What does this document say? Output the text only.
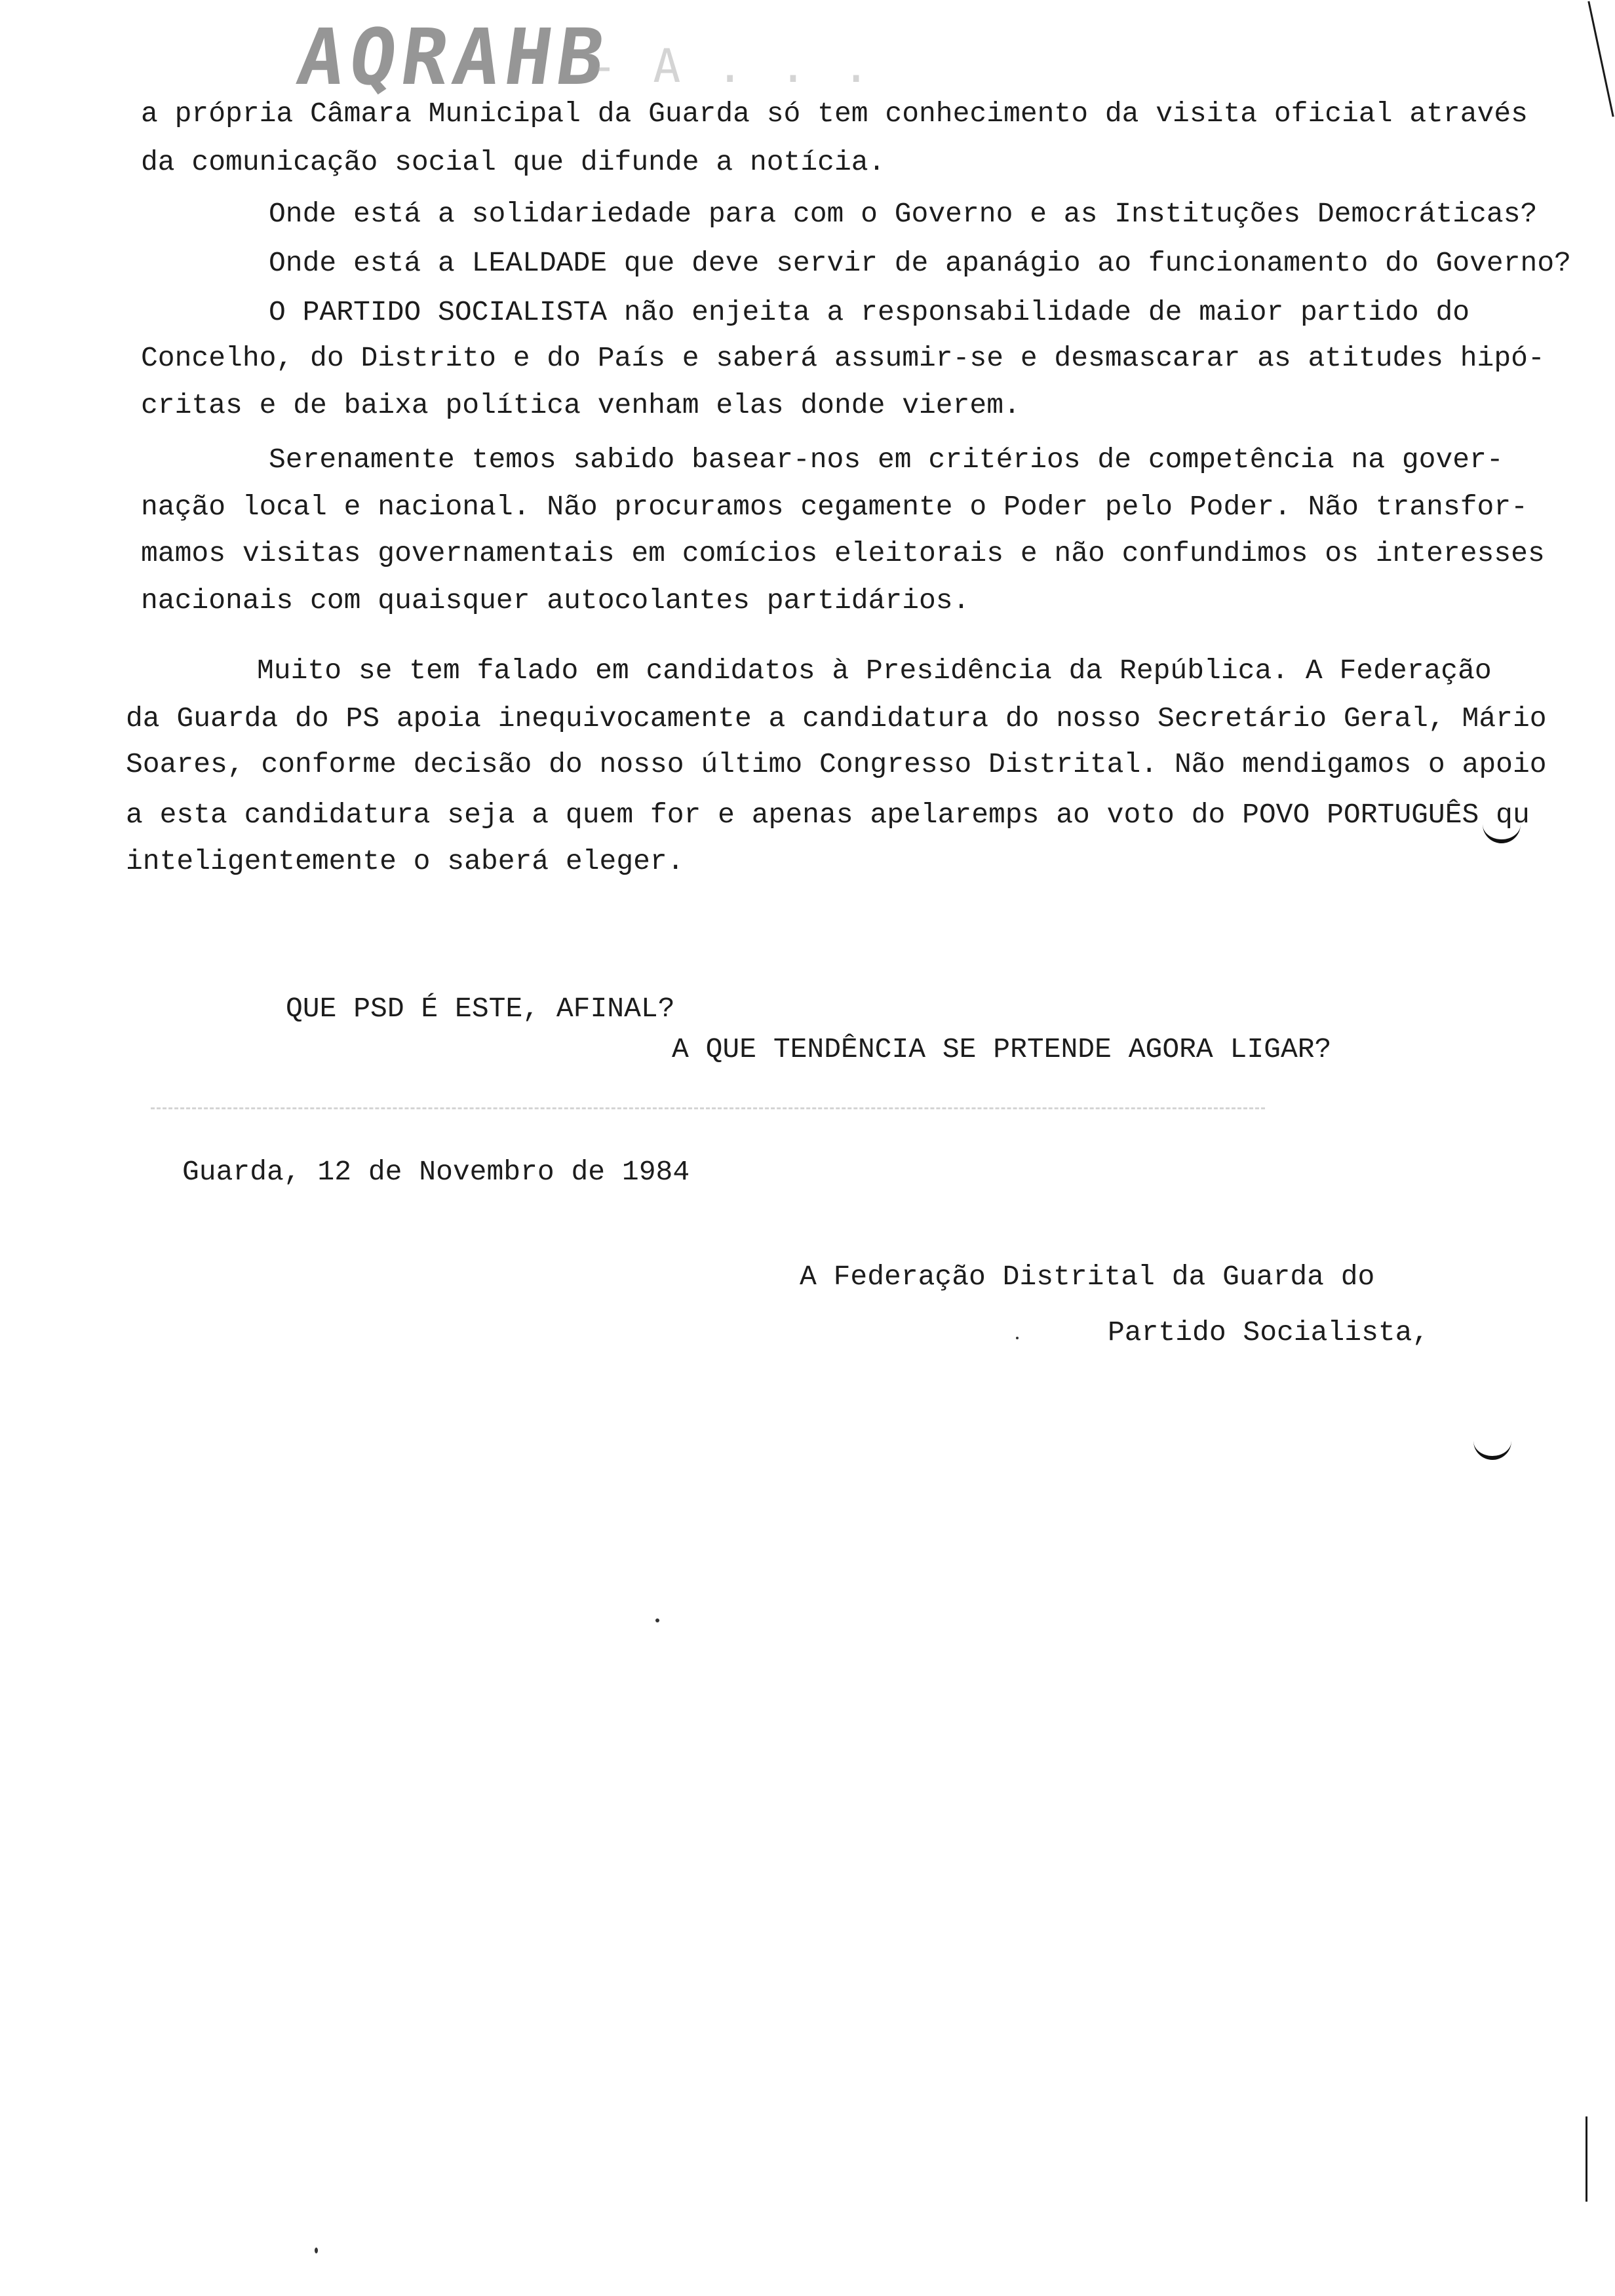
AQRAHB
- A . . .
a própria Câmara Municipal da Guarda só tem conhecimento da visita oficial através
da comunicação social que difunde a notícia.
Onde está a solidariedade para com o Governo e as Instituções Democráticas?
Onde está a LEALDADE que deve servir de apanágio ao funcionamento do Governo?
O PARTIDO SOCIALISTA não enjeita a responsabilidade de maior partido do
Concelho, do Distrito e do País e saberá assumir-se e desmascarar as atitudes hipó-
critas e de baixa política venham elas donde vierem.
Serenamente temos sabido basear-nos em critérios de competência na gover-
nação local e nacional. Não procuramos cegamente o Poder pelo Poder. Não transfor-
mamos visitas governamentais em comícios eleitorais e não confundimos os interesses
nacionais com quaisquer autocolantes partidários.
Muito se tem falado em candidatos à Presidência da República. A Federação
da Guarda do PS apoia inequivocamente a candidatura do nosso Secretário Geral, Mário
Soares, conforme decisão do nosso último Congresso Distrital. Não mendigamos o apoio
a esta candidatura seja a quem for e apenas apelaremps ao voto do POVO PORTUGUÊS qu
inteligentemente o saberá eleger.
QUE PSD É ESTE, AFINAL?
A QUE TENDÊNCIA SE PRTENDE AGORA LIGAR?
Guarda, 12 de Novembro de 1984
A Federação Distrital da Guarda do
Partido Socialista,
